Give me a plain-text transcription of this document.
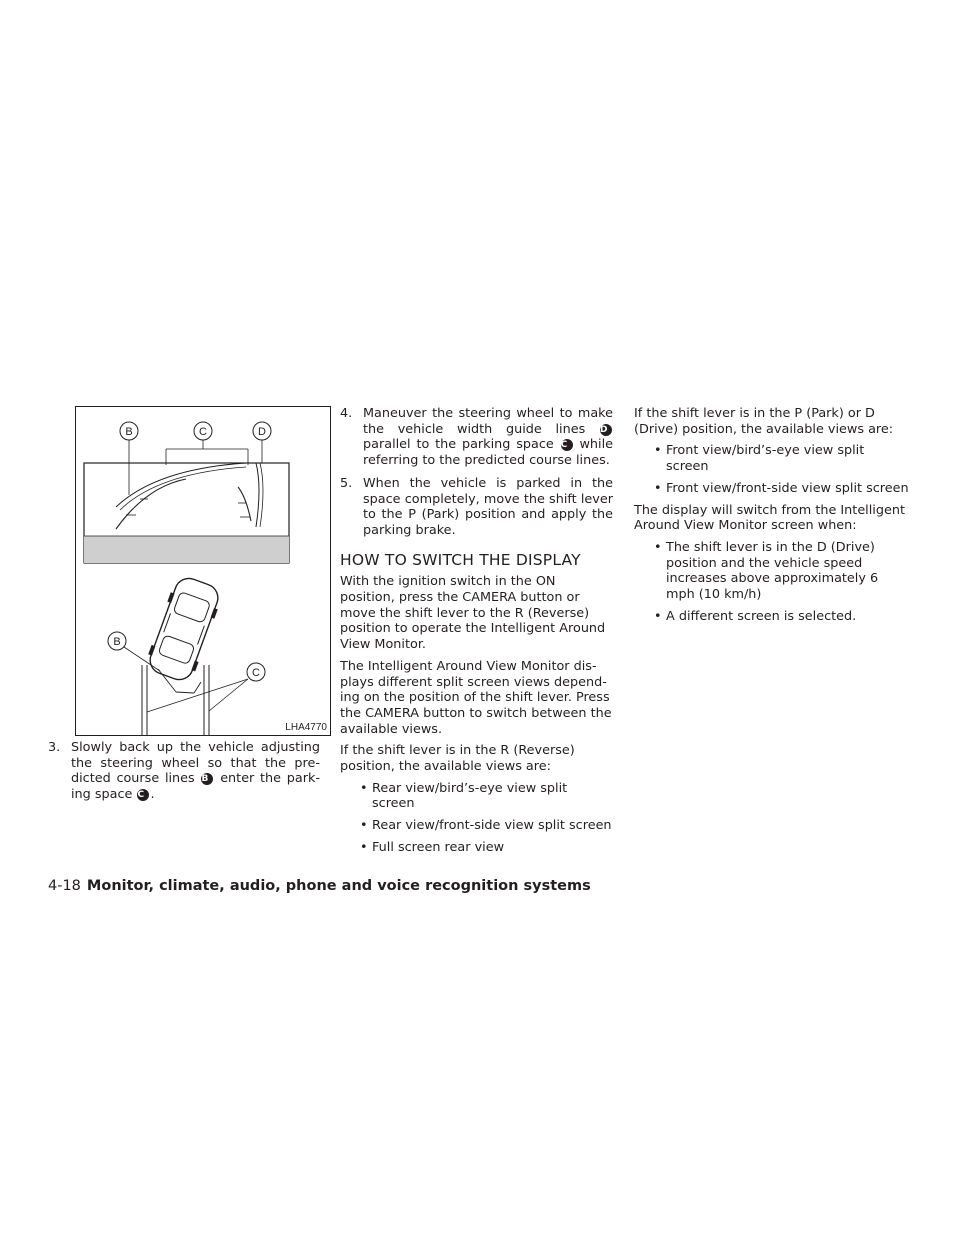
B	C	D
B
C
LHA4770

3. Slowly back up the vehicle adjusting the steering wheel so that the pre-dicted course lines B enter the park-ing space C .

4. Maneuver the steering wheel to make the vehicle width guide lines D parallel to the parking space C while referring to the predicted course lines.

5. When the vehicle is parked in the space completely, move the shift lever to the P (Park) position and apply the parking brake.

HOW TO SWITCH THE DISPLAY

With the ignition switch in the ON position, press the CAMERA button or move the shift lever to the R (Reverse) position to operate the Intelligent Around View Monitor.

The Intelligent Around View Monitor dis-plays different split screen views depend-ing on the position of the shift lever. Press the CAMERA button to switch between the available views.

If the shift lever is in the R (Reverse) position, the available views are:

• Rear view/bird’s-eye view split screen

• Rear view/front-side view split screen

• Full screen rear view

If the shift lever is in the P (Park) or D (Drive) position, the available views are:

• Front view/bird’s-eye view split screen

• Front view/front-side view split screen

The display will switch from the Intelligent Around View Monitor screen when:

• The shift lever is in the D (Drive) position and the vehicle speed increases above approximately 6 mph (10 km/h)

• A different screen is selected.

4-18 Monitor, climate, audio, phone and voice recognition systems
